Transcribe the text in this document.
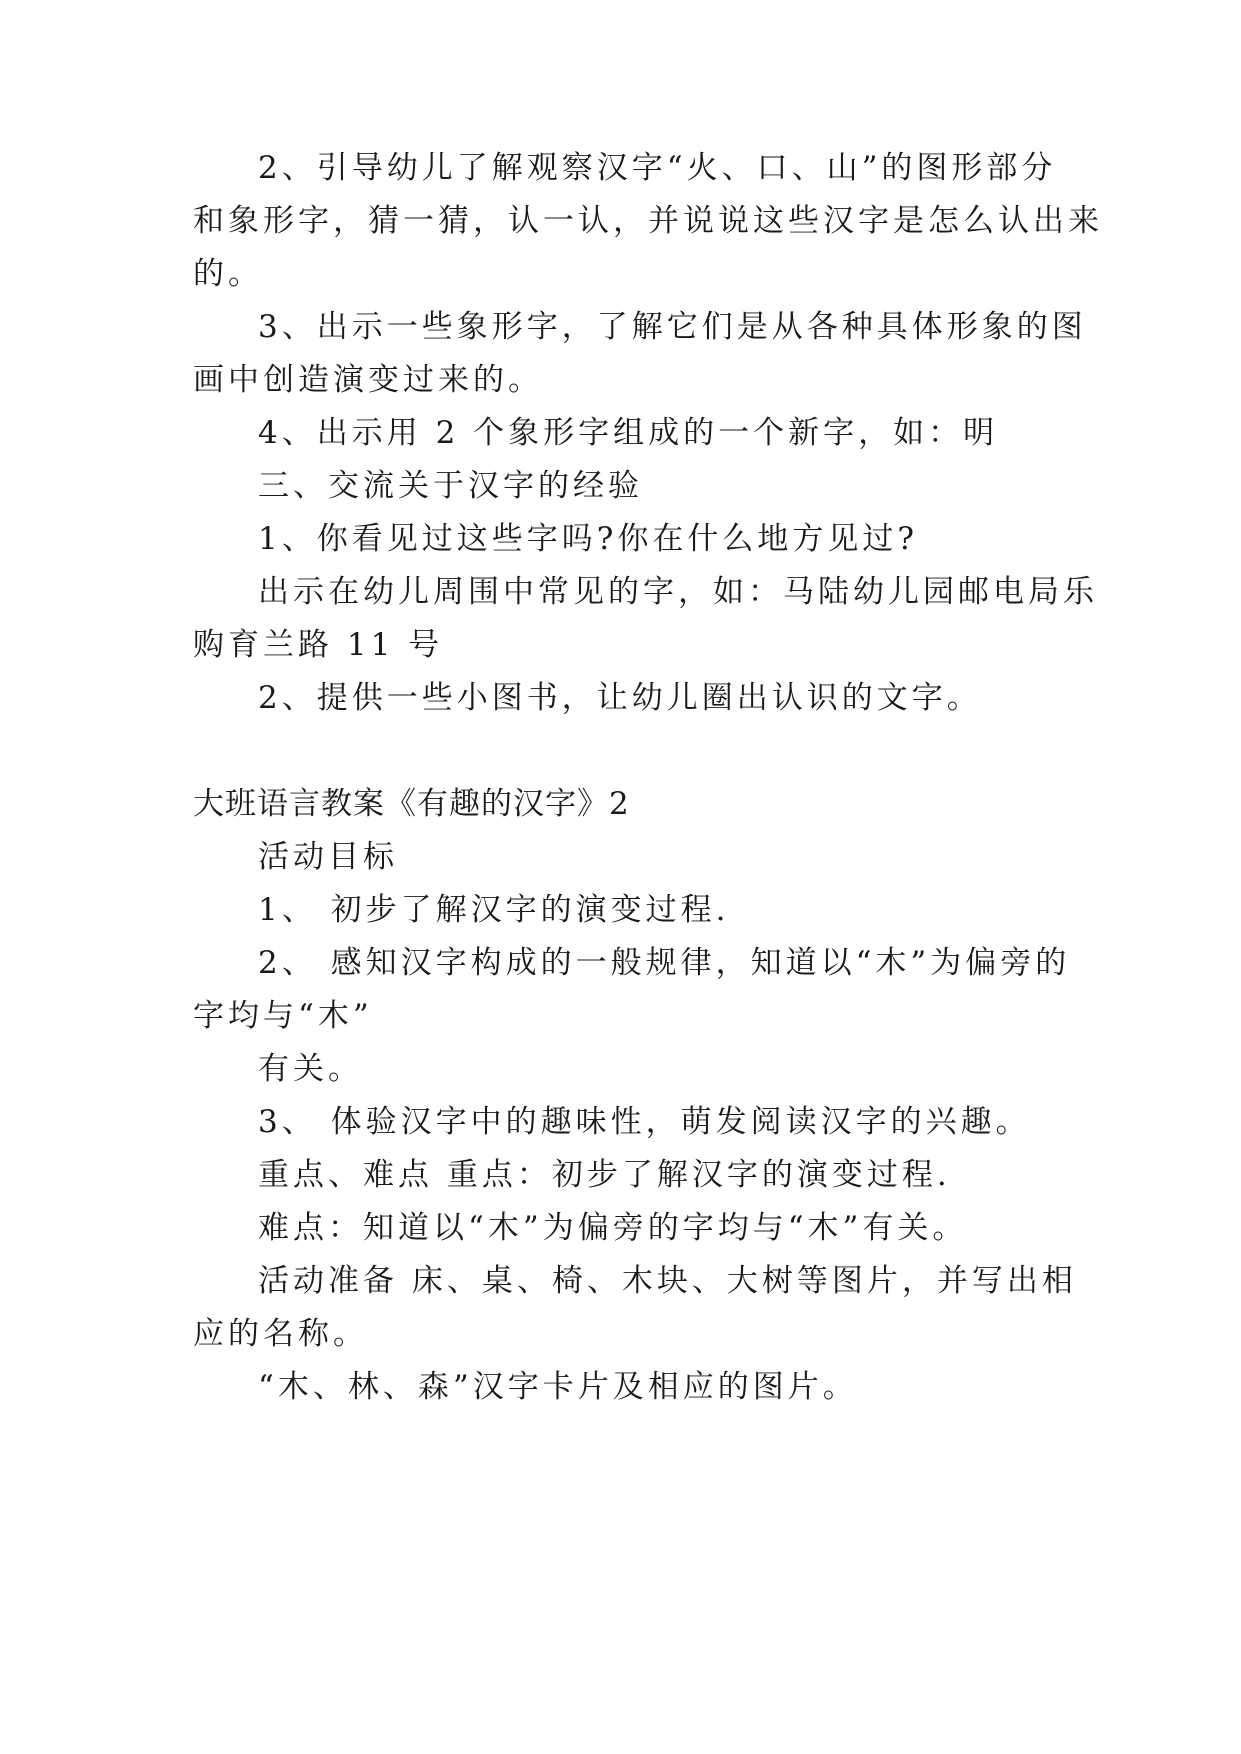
2、引导幼儿了解观察汉字“火、口、山”的图形部分
和象形字，猜一猜，认一认，并说说这些汉字是怎么认出来
的。
3、出示一些象形字，了解它们是从各种具体形象的图
画中创造演变过来的。
4、出示用 2 个象形字组成的一个新字，如：明
三、交流关于汉字的经验
1、你看见过这些字吗?你在什么地方见过?
出示在幼儿周围中常见的字，如：马陆幼儿园邮电局乐
购育兰路 11 号
2、提供一些小图书，让幼儿圈出认识的文字。
大班语言教案《有趣的汉字》2
活动目标
1、 初步了解汉字的演变过程.
2、 感知汉字构成的一般规律，知道以“木”为偏旁的
字均与“木”
有关。
3、 体验汉字中的趣味性，萌发阅读汉字的兴趣。
重点、难点 重点：初步了解汉字的演变过程.
难点：知道以“木”为偏旁的字均与“木”有关。
活动准备 床、桌、椅、木块、大树等图片，并写出相
应的名称。
“木、林、森”汉字卡片及相应的图片。
